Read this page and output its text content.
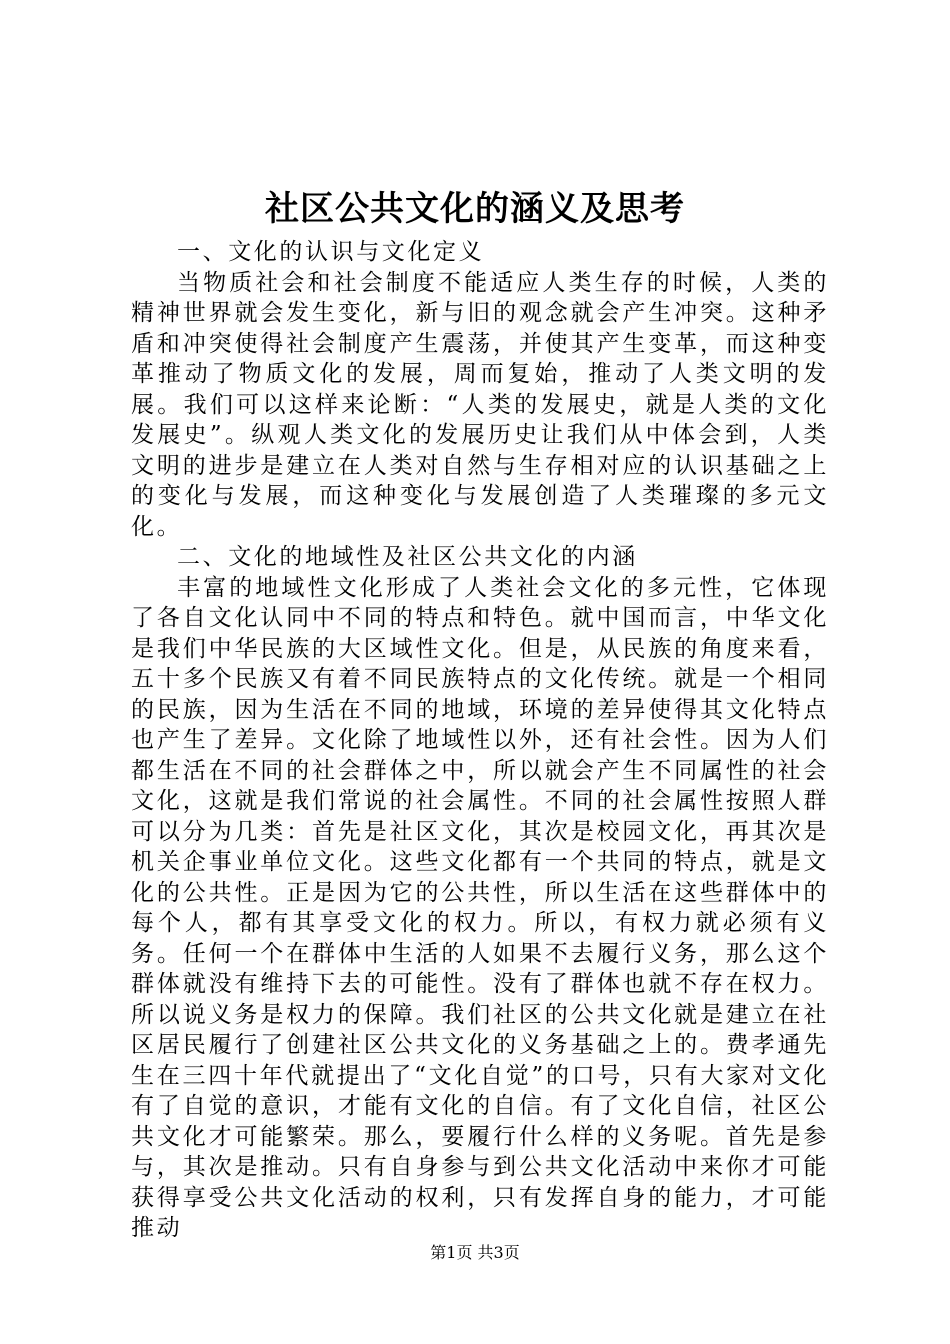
社区公共文化的涵义及思考

一、文化的认识与文化定义

当物质社会和社会制度不能适应人类生存的时候，人类的精神世界就会发生变化，新与旧的观念就会产生冲突。这种矛盾和冲突使得社会制度产生震荡，并使其产生变革，而这种变革推动了物质文化的发展，周而复始，推动了人类文明的发展。我们可以这样来论断：“人类的发展史，就是人类的文化发展史”。纵观人类文化的发展历史让我们从中体会到，人类文明的进步是建立在人类对自然与生存相对应的认识基础之上的变化与发展，而这种变化与发展创造了人类璀璨的多元文化。

二、文化的地域性及社区公共文化的内涵

丰富的地域性文化形成了人类社会文化的多元性，它体现了各自文化认同中不同的特点和特色。就中国而言，中华文化是我们中华民族的大区域性文化。但是，从民族的角度来看，五十多个民族又有着不同民族特点的文化传统。就是一个相同的民族，因为生活在不同的地域，环境的差异使得其文化特点也产生了差异。文化除了地域性以外，还有社会性。因为人们都生活在不同的社会群体之中，所以就会产生不同属性的社会文化，这就是我们常说的社会属性。不同的社会属性按照人群可以分为几类：首先是社区文化，其次是校园文化，再其次是机关企事业单位文化。这些文化都有一个共同的特点，就是文化的公共性。正是因为它的公共性，所以生活在这些群体中的每个人，都有其享受文化的权力。所以，有权力就必须有义务。任何一个在群体中生活的人如果不去履行义务，那么这个群体就没有维持下去的可能性。没有了群体也就不存在权力。所以说义务是权力的保障。我们社区的公共文化就是建立在社区居民履行了创建社区公共文化的义务基础之上的。费孝通先生在三四十年代就提出了“文化自觉”的口号，只有大家对文化有了自觉的意识，才能有文化的自信。有了文化自信，社区公共文化才可能繁荣。那么，要履行什么样的义务呢。首先是参与，其次是推动。只有自身参与到公共文化活动中来你才可能获得享受公共文化活动的权利，只有发挥自身的能力，才可能推动

第1页 共3页
